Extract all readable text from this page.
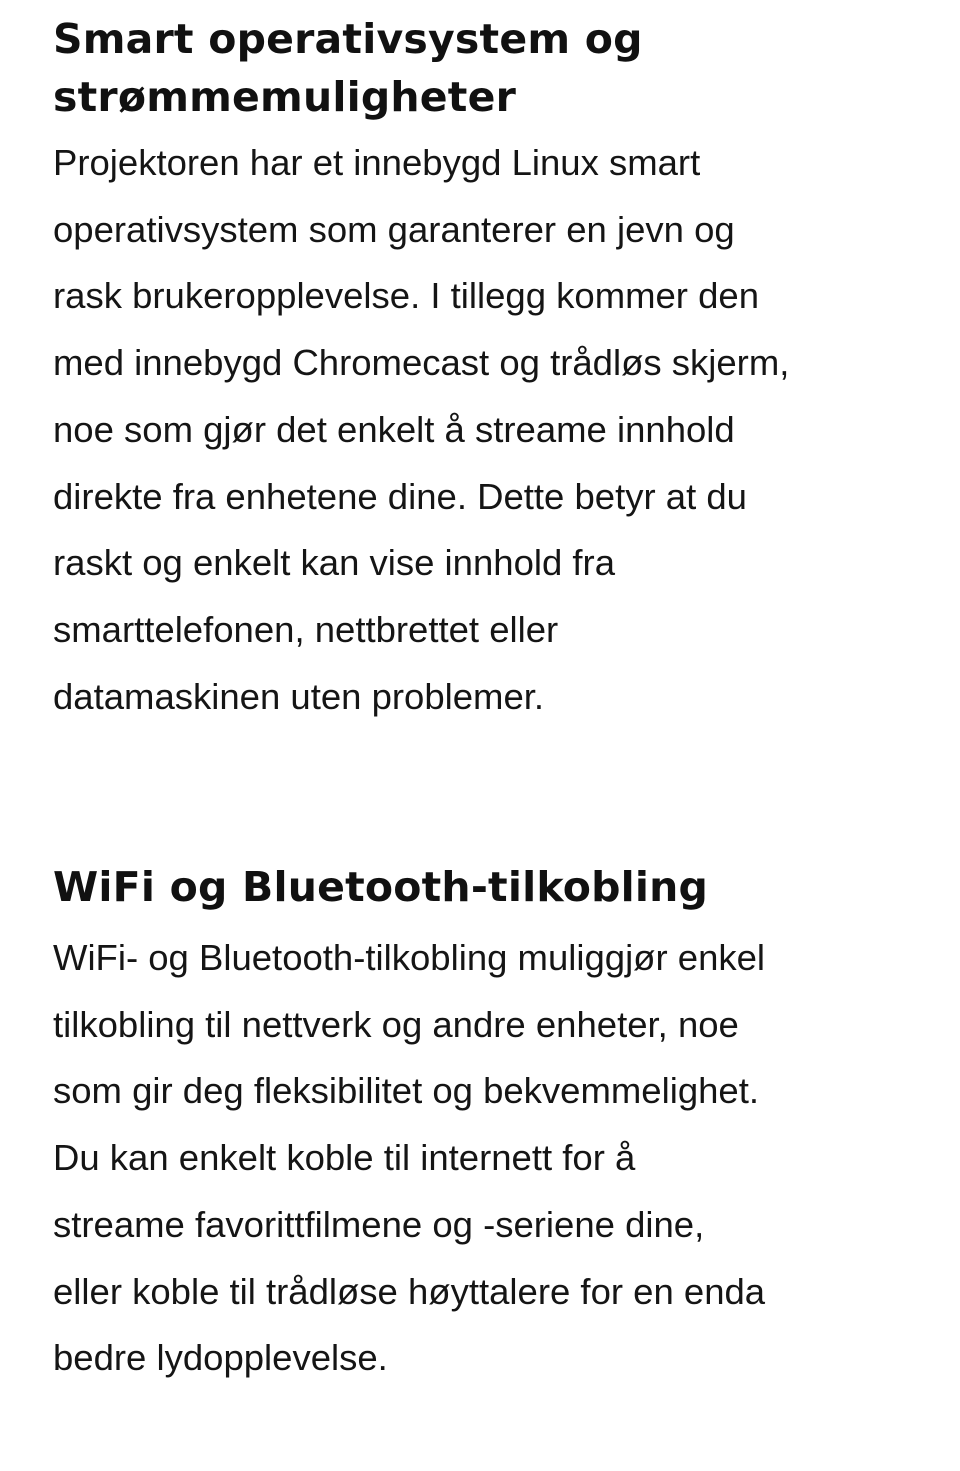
Smart operativsystem og
strømmemuligheter

Projektoren har et innebygd Linux smart
operativsystem som garanterer en jevn og
rask brukeropplevelse. I tillegg kommer den
med innebygd Chromecast og trådløs skjerm,
noe som gjør det enkelt å streame innhold
direkte fra enhetene dine. Dette betyr at du
raskt og enkelt kan vise innhold fra
smarttelefonen, nettbrettet eller
datamaskinen uten problemer.

WiFi og Bluetooth-tilkobling

WiFi- og Bluetooth-tilkobling muliggjør enkel
tilkobling til nettverk og andre enheter, noe
som gir deg fleksibilitet og bekvemmelighet.
Du kan enkelt koble til internett for å
streame favorittfilmene og -seriene dine,
eller koble til trådløse høyttalere for en enda
bedre lydopplevelse.
